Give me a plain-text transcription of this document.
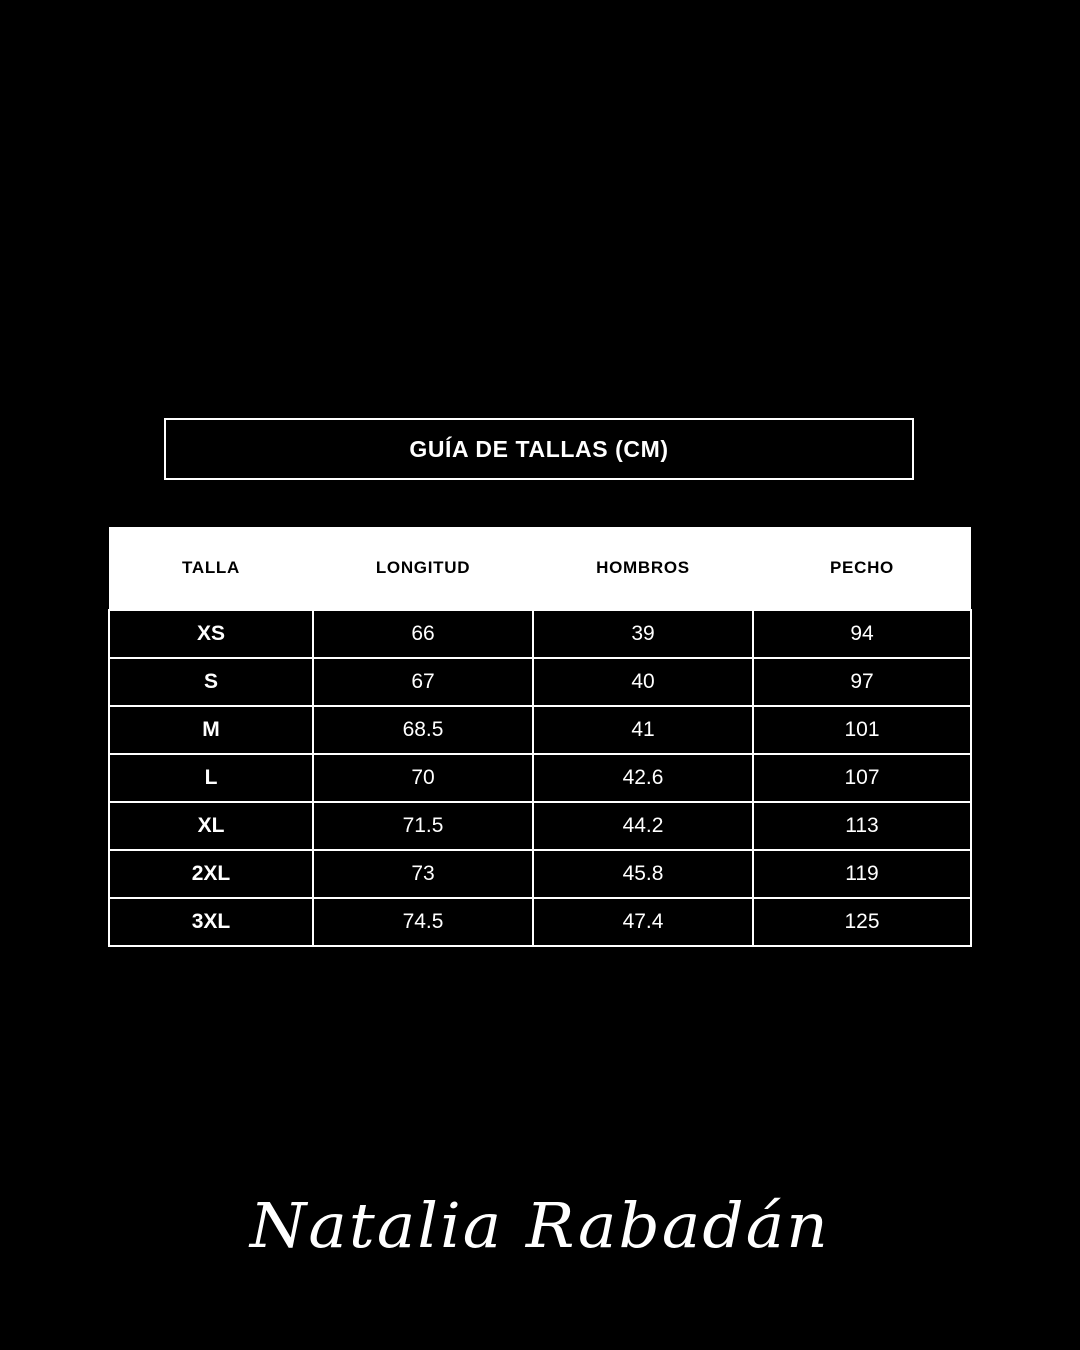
GUÍA DE TALLAS (CM)
TALLA	LONGITUD	HOMBROS	PECHO
XS	66	39	94
S	67	40	97
M	68.5	41	101
L	70	42.6	107
XL	71.5	44.2	113
2XL	73	45.8	119
3XL	74.5	47.4	125
Natalia Rabadán
